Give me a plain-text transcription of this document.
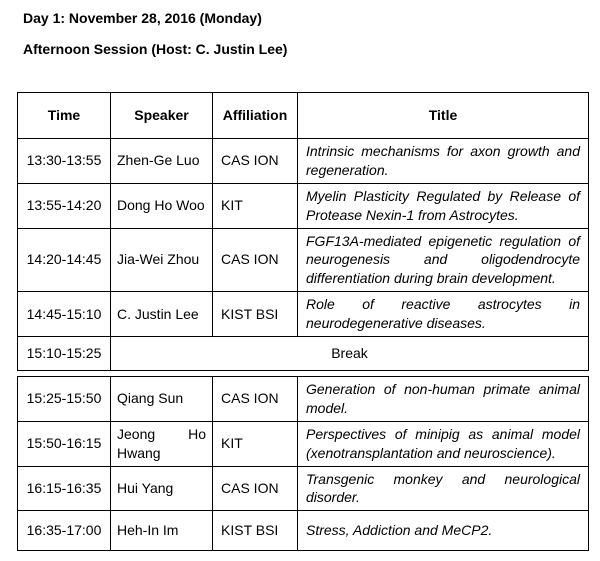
Day 1: November 28, 2016 (Monday)

Afternoon Session (Host: C. Justin Lee)

Time	Speaker	Affiliation	Title
13:30-13:55	Zhen-Ge Luo	CAS ION	Intrinsic mechanisms for axon growth and regeneration.
13:55-14:20	Dong Ho Woo	KIT	Myelin Plasticity Regulated by Release of Protease Nexin-1 from Astrocytes.
14:20-14:45	Jia-Wei Zhou	CAS ION	FGF13A-mediated epigenetic regulation of neurogenesis and oligodendrocyte differentiation during brain development.
14:45-15:10	C. Justin Lee	KIST BSI	Role of reactive astrocytes in neurodegenerative diseases.
15:10-15:25	Break		
15:25-15:50	Qiang Sun	CAS ION	Generation of non-human primate animal model.
15:50-16:15	Jeong Ho Hwang	KIT	Perspectives of minipig as animal model (xenotransplantation and neuroscience).
16:15-16:35	Hui Yang	CAS ION	Transgenic monkey and neurological disorder.
16:35-17:00	Heh-In Im	KIST BSI	Stress, Addiction and MeCP2.
